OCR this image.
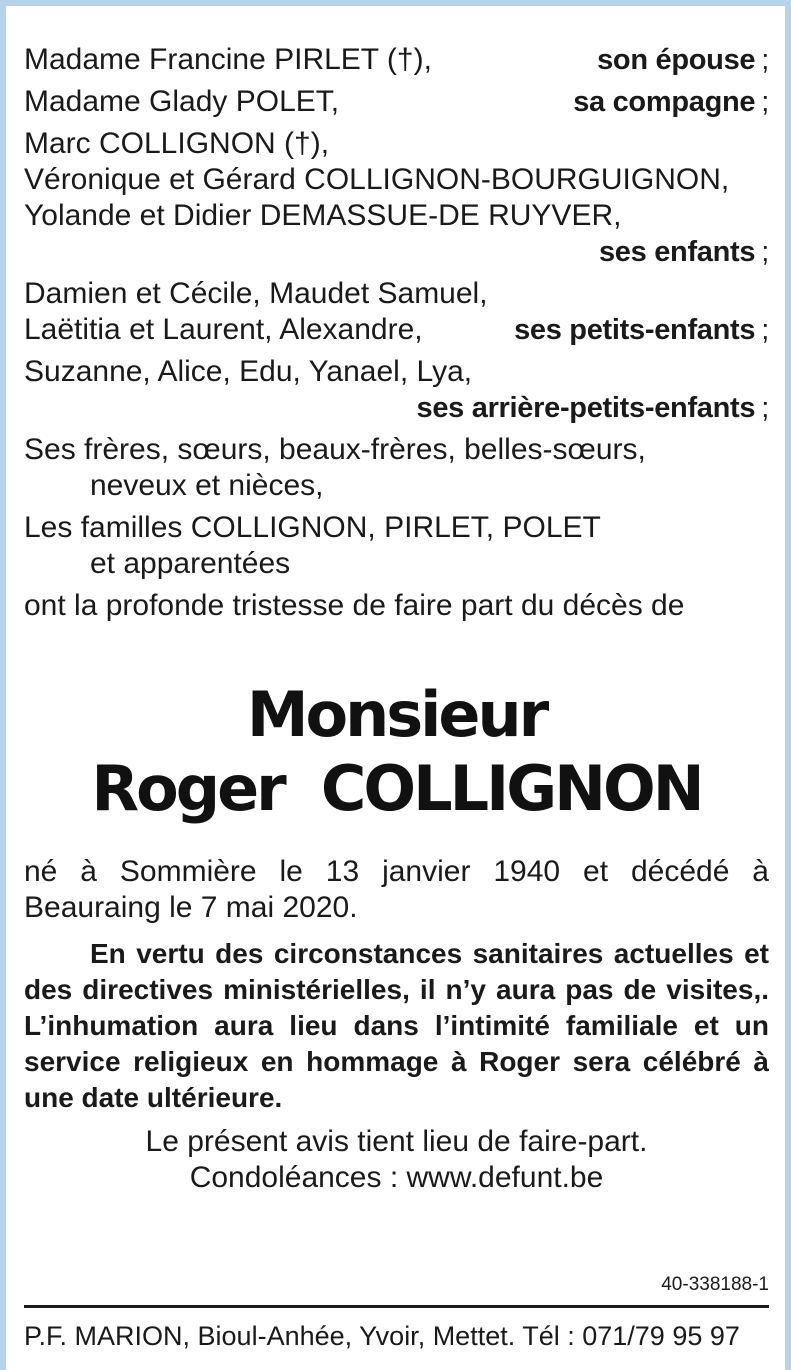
Madame Francine PIRLET (†),	son épouse ;
Madame Glady POLET,	sa compagne ;
Marc COLLIGNON (†),
Véronique et Gérard COLLIGNON-BOURGUIGNON,
Yolande et Didier DEMASSUE-DE RUYVER,
ses enfants ;
Damien et Cécile, Maudet Samuel,
Laëtitia et Laurent, Alexandre,	ses petits-enfants ;
Suzanne, Alice, Edu, Yanael, Lya,
ses arrière-petits-enfants ;
Ses frères, sœurs, beaux-frères, belles-sœurs,
neveux et nièces,
Les familles COLLIGNON, PIRLET, POLET
et apparentées
ont la profonde tristesse de faire part du décès de
Monsieur
Roger  COLLIGNON
né à Sommière le 13 janvier 1940 et décédé à Beauraing le 7 mai 2020.
En vertu des circonstances sanitaires actuelles et des directives ministérielles, il n’y aura pas de visites,. L’inhumation aura lieu dans l’intimité familiale et un service religieux en hommage à Roger sera célébré à une date ultérieure.
Le présent avis tient lieu de faire-part.
Condoléances : www.defunt.be
40-338188-1
P.F. MARION, Bioul-Anhée, Yvoir, Mettet. Tél : 071/79 95 97
